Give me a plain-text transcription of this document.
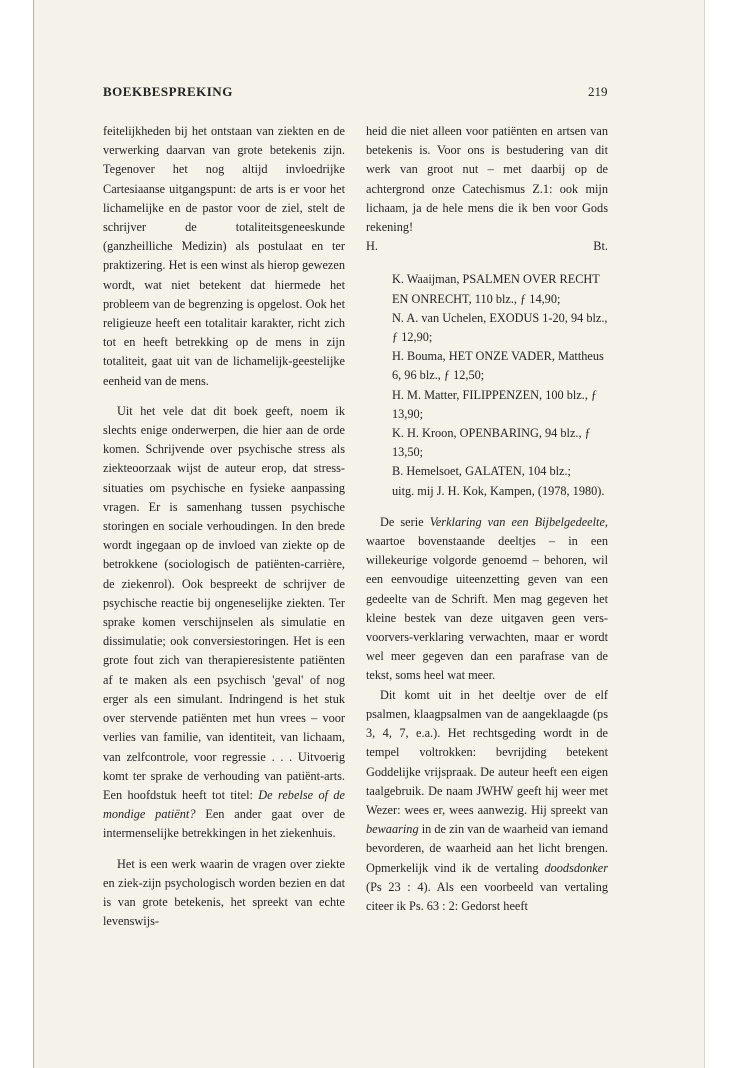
BOEKBESPREKING	219

feitelijkheden bij het ontstaan van ziekten en de verwerking daarvan van grote betekenis zijn. Tegenover het nog altijd invloedrijke Cartesiaanse uitgangspunt: de arts is er voor het lichamelijke en de pastor voor de ziel, stelt de schrijver de totaliteitsgeneeskunde (ganzheilliche Medizin) als postulaat en ter praktizering. Het is een winst als hierop gewezen wordt, wat niet betekent dat hiermede het probleem van de begrenzing is opgelost. Ook het religieuze heeft een totalitair karakter, richt zich tot en heeft betrekking op de mens in zijn totaliteit, gaat uit van de lichamelijk-geestelijke eenheid van de mens.

Uit het vele dat dit boek geeft, noem ik slechts enige onderwerpen, die hier aan de orde komen. Schrijvende over psychische stress als ziekteoorzaak wijst de auteur erop, dat stress-situaties om psychische en fysieke aanpassing vragen. Er is samenhang tussen psychische storingen en sociale verhoudingen. In den brede wordt ingegaan op de invloed van ziekte op de betrokkene (sociologisch de patiënten-carrière, de ziekenrol). Ook bespreekt de schrijver de psychische reactie bij ongeneselijke ziekten. Ter sprake komen verschijnselen als simulatie en dissimulatie; ook conversiestoringen. Het is een grote fout zich van therapieresistente patiënten af te maken als een psychisch 'geval' of nog erger als een simulant. Indringend is het stuk over stervende patiënten met hun vrees – voor verlies van familie, van identiteit, van lichaam, van zelfcontrole, voor regressie . . . Uitvoerig komt ter sprake de verhouding van patiënt-arts. Een hoofdstuk heeft tot titel: De rebelse of de mondige patiënt? Een ander gaat over de intermenselijke betrekkingen in het ziekenhuis.

Het is een werk waarin de vragen over ziekte en ziek-zijn psychologisch worden bezien en dat is van grote betekenis, het spreekt van echte levenswijs-

heid die niet alleen voor patiënten en artsen van betekenis is. Voor ons is bestudering van dit werk van groot nut – met daarbij op de achtergrond onze Catechismus Z.1: ook mijn lichaam, ja de hele mens die ik ben voor Gods rekening!

H.	Bt.
K. Waaijman, PSALMEN OVER RECHT EN ONRECHT, 110 blz., ƒ 14,90;
N. A. van Uchelen, EXODUS 1-20, 94 blz., ƒ 12,90;
H. Bouma, HET ONZE VADER, Mattheus 6, 96 blz., ƒ 12,50;
H. M. Matter, FILIPPENZEN, 100 blz., ƒ 13,90;
K. H. Kroon, OPENBARING, 94 blz., ƒ 13,50;
B. Hemelsoet, GALATEN, 104 blz.;
uitg. mij J. H. Kok, Kampen, (1978, 1980).

De serie Verklaring van een Bijbelgedeelte, waartoe bovenstaande deeltjes – in een willekeurige volgorde genoemd – behoren, wil een eenvoudige uiteenzetting geven van een gedeelte van de Schrift. Men mag gegeven het kleine bestek van deze uitgaven geen vers-voorvers-verklaring verwachten, maar er wordt wel meer gegeven dan een parafrase van de tekst, soms heel wat meer.

Dit komt uit in het deeltje over de elf psalmen, klaagpsalmen van de aangeklaagde (ps 3, 4, 7, e.a.). Het rechtsgeding wordt in de tempel voltrokken: bevrijding betekent Goddelijke vrijspraak. De auteur heeft een eigen taalgebruik. De naam JWHW geeft hij weer met Wezer: wees er, wees aanwezig. Hij spreekt van bewaaring in de zin van de waarheid van iemand bevorderen, de waarheid aan het licht brengen. Opmerkelijk vind ik de vertaling doodsdonker (Ps 23 : 4). Als een voorbeeld van vertaling citeer ik Ps. 63 : 2: Gedorst heeft
